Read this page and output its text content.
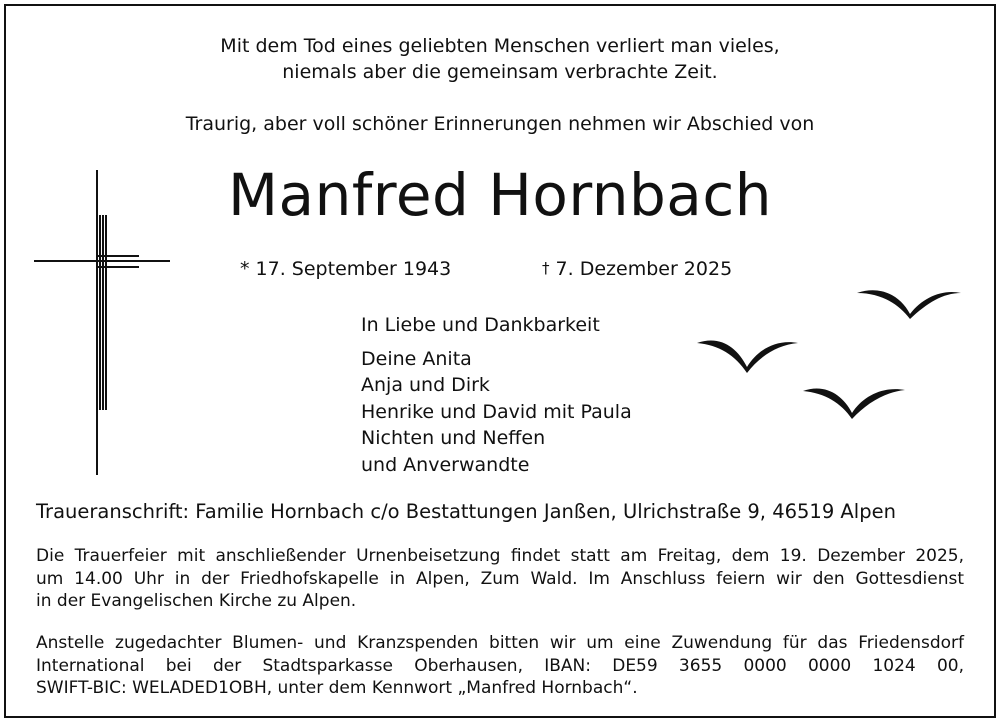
Mit dem Tod eines geliebten Menschen verliert man vieles,
niemals aber die gemeinsam verbrachte Zeit.
Traurig, aber voll schöner Erinnerungen nehmen wir Abschied von
Manfred Hornbach
* 17. September 1943	† 7. Dezember 2025
In Liebe und Dankbarkeit
Deine Anita
Anja und Dirk
Henrike und David mit Paula
Nichten und Neffen
und Anverwandte
Traueranschrift: Familie Hornbach c/o Bestattungen Janßen, Ulrichstraße 9, 46519 Alpen
Die Trauerfeier mit anschließender Urnenbeisetzung findet statt am Freitag, dem 19. Dezember 2025,
um 14.00 Uhr in der Friedhofskapelle in Alpen, Zum Wald. Im Anschluss feiern wir den Gottesdienst
in der Evangelischen Kirche zu Alpen.
Anstelle zugedachter Blumen- und Kranzspenden bitten wir um eine Zuwendung für das Friedensdorf
International bei der Stadtsparkasse Oberhausen, IBAN: DE59 3655 0000 0000 1024 00,
SWIFT-BIC: WELADED1OBH, unter dem Kennwort „Manfred Hornbach“.
